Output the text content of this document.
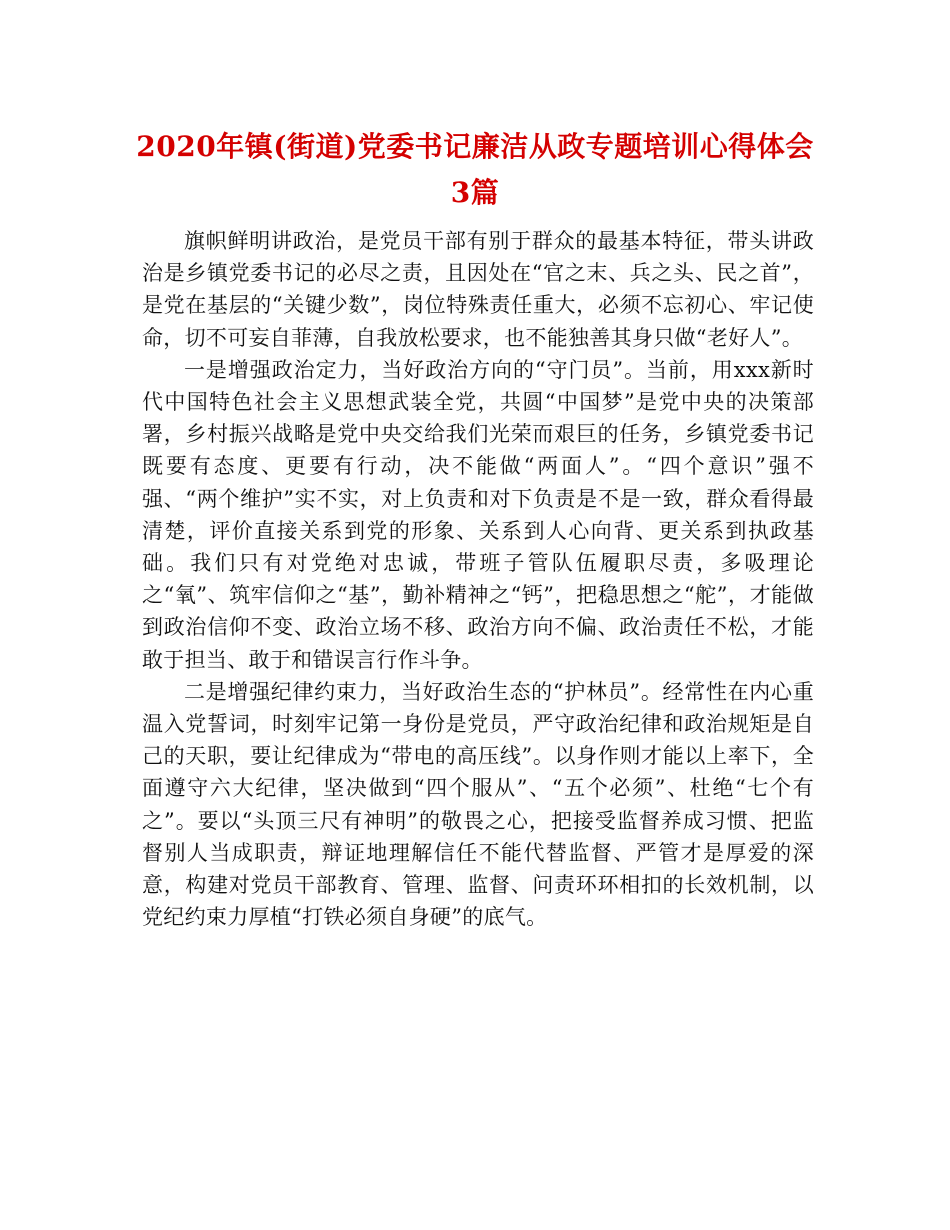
2020年镇(街道)党委书记廉洁从政专题培训心得体会3篇

旗帜鲜明讲政治，是党员干部有别于群众的最基本特征，带头讲政治是乡镇党委书记的必尽之责，且因处在“官之末、兵之头、民之首”，是党在基层的“关键少数”，岗位特殊责任重大，必须不忘初心、牢记使命，切不可妄自菲薄，自我放松要求，也不能独善其身只做“老好人”。

一是增强政治定力，当好政治方向的“守门员”。当前，用xxx新时代中国特色社会主义思想武装全党，共圆“中国梦”是党中央的决策部署，乡村振兴战略是党中央交给我们光荣而艰巨的任务，乡镇党委书记既要有态度、更要有行动，决不能做“两面人”。“四个意识”强不强、“两个维护”实不实，对上负责和对下负责是不是一致，群众看得最清楚，评价直接关系到党的形象、关系到人心向背、更关系到执政基础。我们只有对党绝对忠诚，带班子管队伍履职尽责，多吸理论之“氧”、筑牢信仰之“基”，勤补精神之“钙”，把稳思想之“舵”，才能做到政治信仰不变、政治立场不移、政治方向不偏、政治责任不松，才能敢于担当、敢于和错误言行作斗争。

二是增强纪律约束力，当好政治生态的“护林员”。经常性在内心重温入党誓词，时刻牢记第一身份是党员，严守政治纪律和政治规矩是自己的天职，要让纪律成为“带电的高压线”。以身作则才能以上率下，全面遵守六大纪律，坚决做到“四个服从”、“五个必须”、杜绝“七个有之”。要以“头顶三尺有神明”的敬畏之心，把接受监督养成习惯、把监督别人当成职责，辩证地理解信任不能代替监督、严管才是厚爱的深意，构建对党员干部教育、管理、监督、问责环环相扣的长效机制，以党纪约束力厚植“打铁必须自身硬”的底气。
